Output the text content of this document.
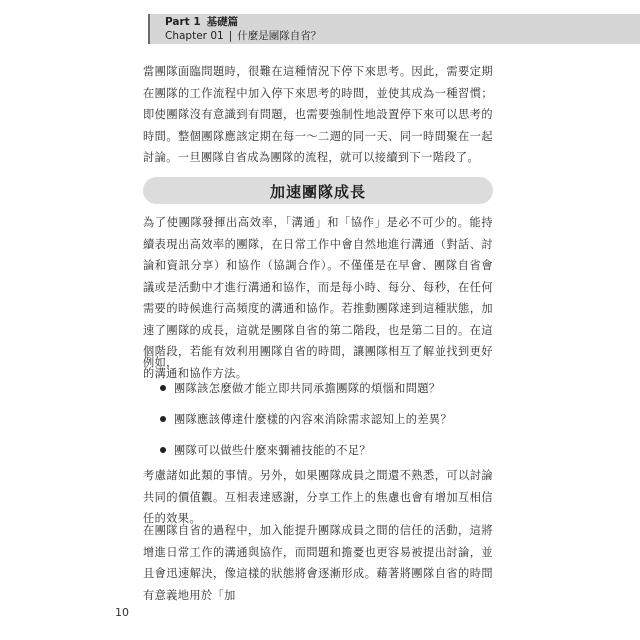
Part 1 基礎篇
Chapter 01 | 什麼是團隊自省？
當團隊面臨問題時，很難在這種情況下停下來思考。因此，需要定期在團隊的工作流程中加入停下來思考的時間，並使其成為一種習慣；即使團隊沒有意識到有問題，也需要強制性地設置停下來可以思考的時間。整個團隊應該定期在每一～二週的同一天、同一時間聚在一起討論。一旦團隊自省成為團隊的流程，就可以接續到下一階段了。
加速團隊成長
為了使團隊發揮出高效率，「溝通」和「協作」是必不可少的。能持續表現出高效率的團隊，在日常工作中會自然地進行溝通（對話、討論和資訊分享）和協作（協調合作）。不僅僅是在早會、團隊自省會議或是活動中才進行溝通和協作，而是每小時、每分、每秒，在任何需要的時候進行高頻度的溝通和協作。若推動團隊達到這種狀態，加速了團隊的成長，這就是團隊自省的第二階段，也是第二目的。在這個階段，若能有效利用團隊自省的時間，讓團隊相互了解並找到更好的溝通和協作方法。
例如，
團隊該怎麼做才能立即共同承擔團隊的煩惱和問題？
團隊應該傳達什麼樣的內容來消除需求認知上的差異？
團隊可以做些什麼來彌補技能的不足？
考慮諸如此類的事情。另外，如果團隊成員之間還不熟悉，可以討論共同的價值觀。互相表達感謝，分享工作上的焦慮也會有增加互相信任的效果。
在團隊自省的過程中，加入能提升團隊成員之間的信任的活動，這將增進日常工作的溝通與協作，而問題和擔憂也更容易被提出討論，並且會迅速解決，像這樣的狀態將會逐漸形成。藉著將團隊自省的時間有意義地用於「加
10
